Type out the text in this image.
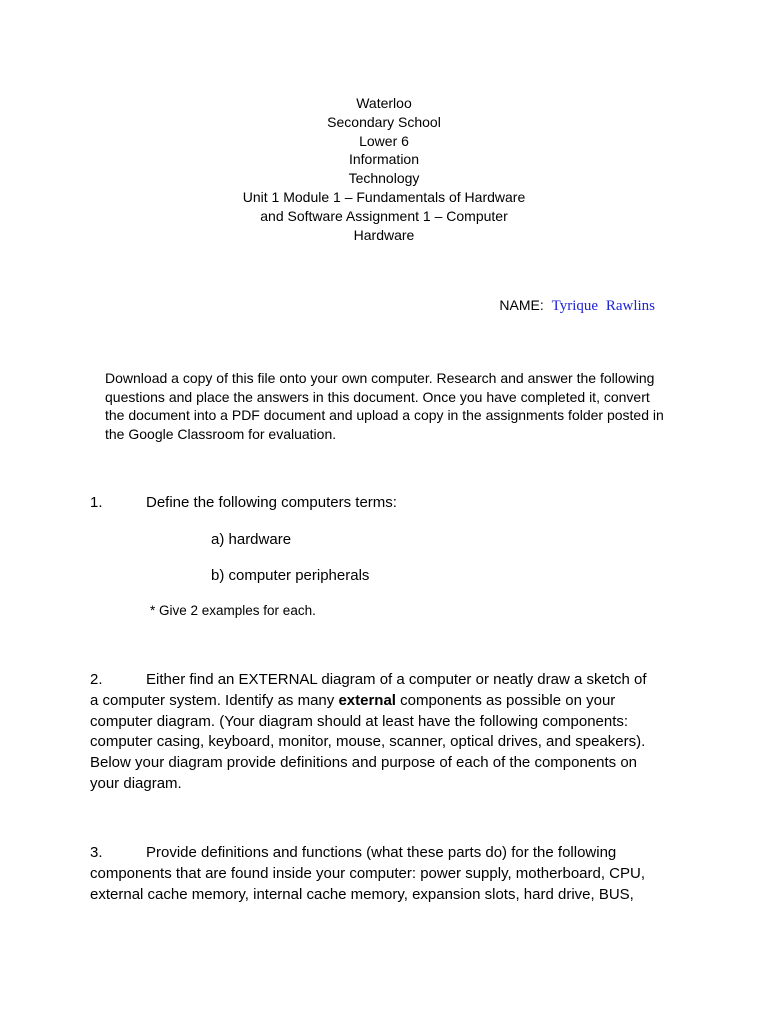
Waterloo
Secondary School
Lower 6
Information
Technology
Unit 1 Module 1 – Fundamentals of Hardware
and Software Assignment 1 – Computer
Hardware
NAME: Tyrique Rawlins
Download a copy of this file onto your own computer. Research and answer the following questions and place the answers in this document. Once you have completed it, convert the document into a PDF document and upload a copy in the assignments folder posted in the Google Classroom for evaluation.
1.	Define the following computers terms:
a) hardware
b) computer peripherals
* Give 2 examples for each.
2.	Either find an EXTERNAL diagram of a computer or neatly draw a sketch of a computer system. Identify as many external components as possible on your computer diagram. (Your diagram should at least have the following components: computer casing, keyboard, monitor, mouse, scanner, optical drives, and speakers). Below your diagram provide definitions and purpose of each of the components on your diagram.
3.	Provide definitions and functions (what these parts do) for the following components that are found inside your computer: power supply, motherboard, CPU, external cache memory, internal cache memory, expansion slots, hard drive, BUS,
